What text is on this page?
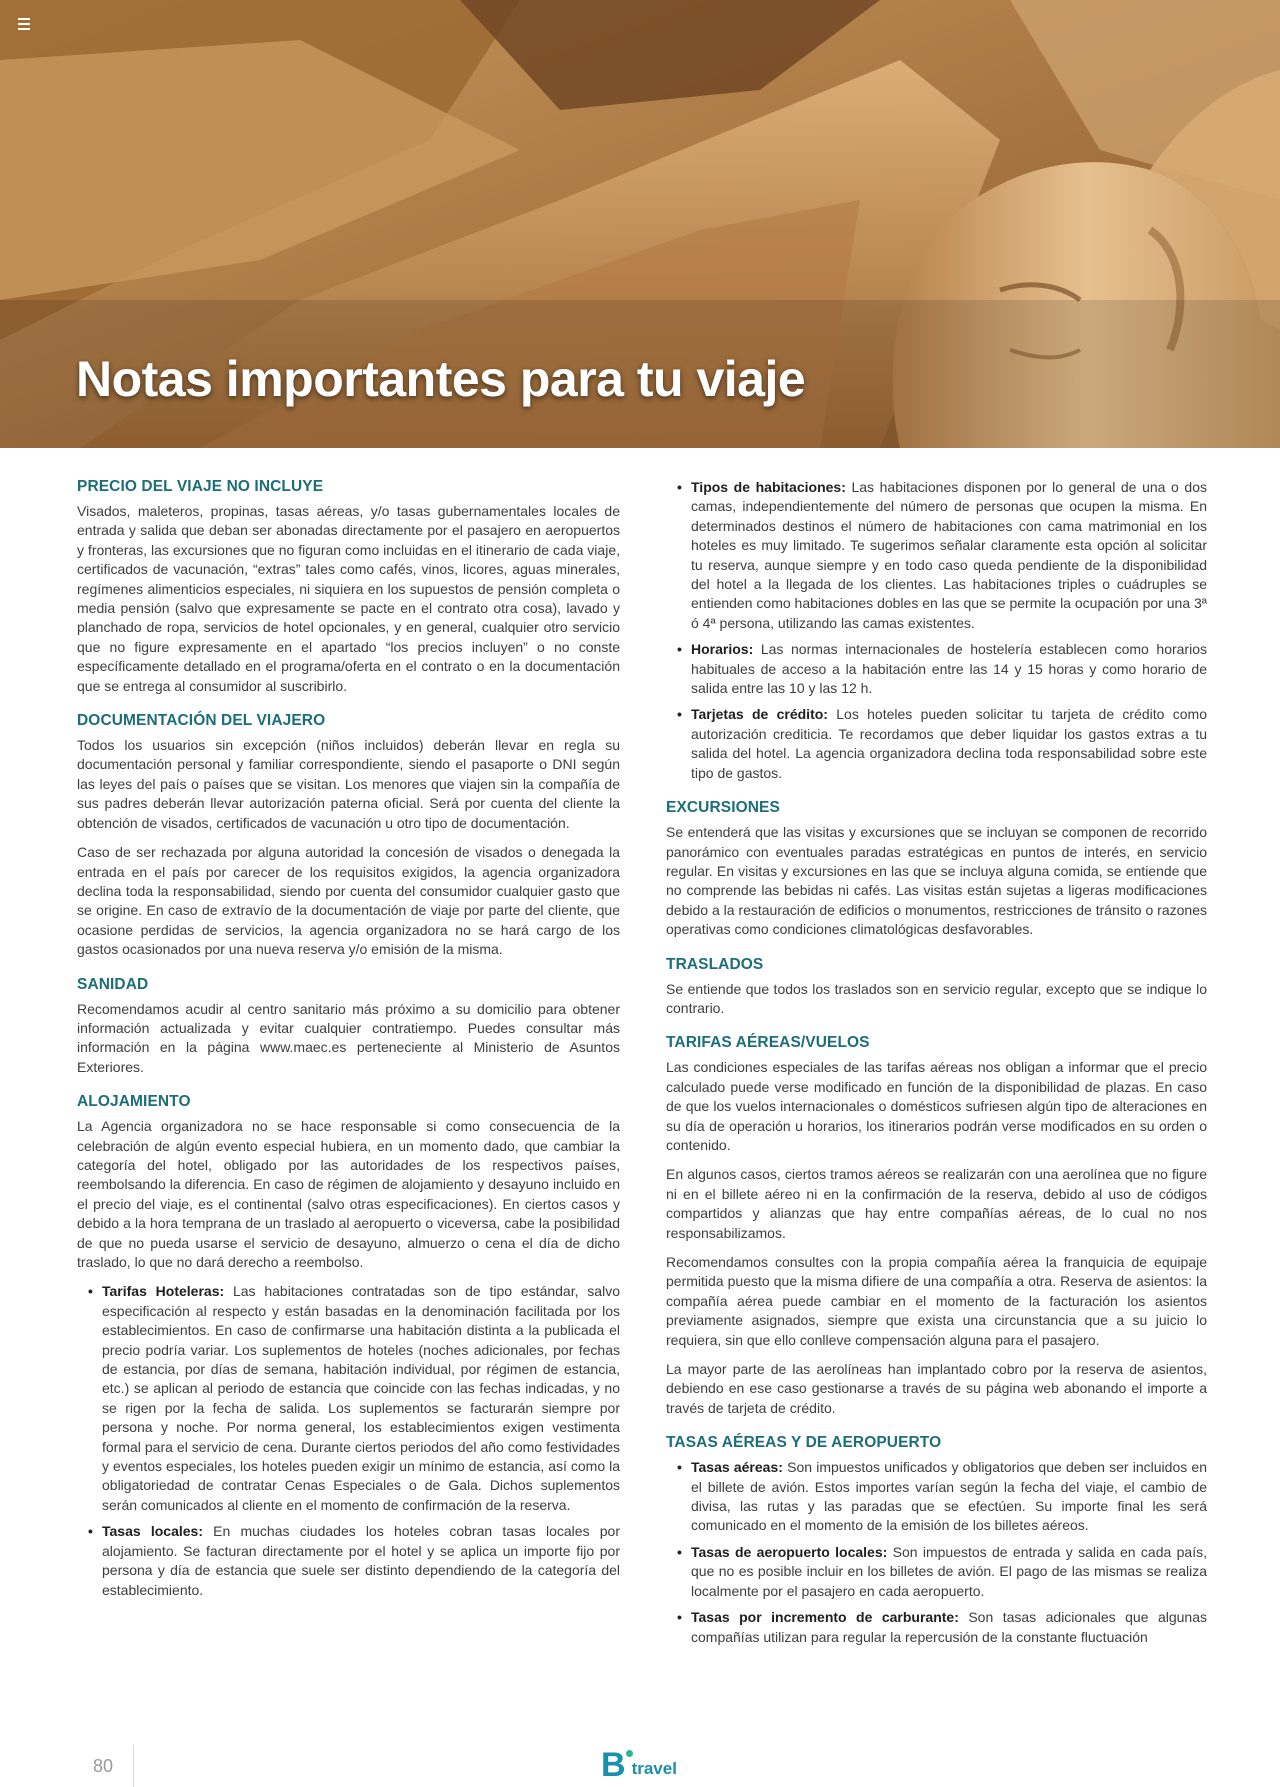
Notas importantes para tu viaje
PRECIO DEL VIAJE NO INCLUYE

Visados, maleteros, propinas, tasas aéreas, y/o tasas gubernamentales locales de entrada y salida que deban ser abonadas directamente por el pasajero en aeropuertos y fronteras, las excursiones que no figuran como incluidas en el itinerario de cada viaje, certificados de vacunación, “extras” tales como cafés, vinos, licores, aguas minerales, regímenes alimenticios especiales, ni siquiera en los supuestos de pensión completa o media pensión (salvo que expresamente se pacte en el contrato otra cosa), lavado y planchado de ropa, servicios de hotel opcionales, y en general, cualquier otro servicio que no figure expresamente en el apartado “los precios incluyen” o no conste específicamente detallado en el programa/oferta en el contrato o en la documentación que se entrega al consumidor al suscribirlo.

DOCUMENTACIÓN DEL VIAJERO

Todos los usuarios sin excepción (niños incluidos) deberán llevar en regla su documentación personal y familiar correspondiente, siendo el pasaporte o DNI según las leyes del país o países que se visitan. Los menores que viajen sin la compañía de sus padres deberán llevar autorización paterna oficial. Será por cuenta del cliente la obtención de visados, certificados de vacunación u otro tipo de documentación.

Caso de ser rechazada por alguna autoridad la concesión de visados o denegada la entrada en el país por carecer de los requisitos exigidos, la agencia organizadora declina toda la responsabilidad, siendo por cuenta del consumidor cualquier gasto que se origine. En caso de extravío de la documentación de viaje por parte del cliente, que ocasione perdidas de servicios, la agencia organizadora no se hará cargo de los gastos ocasionados por una nueva reserva y/o emisión de la misma.

SANIDAD

Recomendamos acudir al centro sanitario más próximo a su domicilio para obtener información actualizada y evitar cualquier contratiempo. Puedes consultar más información en la página www.maec.es perteneciente al Ministerio de Asuntos Exteriores.

ALOJAMIENTO

La Agencia organizadora no se hace responsable si como consecuencia de la celebración de algún evento especial hubiera, en un momento dado, que cambiar la categoría del hotel, obligado por las autoridades de los respectivos países, reembolsando la diferencia. En caso de régimen de alojamiento y desayuno incluido en el precio del viaje, es el continental (salvo otras especificaciones). En ciertos casos y debido a la hora temprana de un traslado al aeropuerto o viceversa, cabe la posibilidad de que no pueda usarse el servicio de desayuno, almuerzo o cena el día de dicho traslado, lo que no dará derecho a reembolso.

• Tarifas Hoteleras: Las habitaciones contratadas son de tipo estándar, salvo especificación al respecto y están basadas en la denominación facilitada por los establecimientos. En caso de confirmarse una habitación distinta a la publicada el precio podría variar. Los suplementos de hoteles (noches adicionales, por fechas de estancia, por días de semana, habitación individual, por régimen de estancia, etc.) se aplican al periodo de estancia que coincide con las fechas indicadas, y no se rigen por la fecha de salida. Los suplementos se facturarán siempre por persona y noche. Por norma general, los establecimientos exigen vestimenta formal para el servicio de cena. Durante ciertos periodos del año como festividades y eventos especiales, los hoteles pueden exigir un mínimo de estancia, así como la obligatoriedad de contratar Cenas Especiales o de Gala. Dichos suplementos serán comunicados al cliente en el momento de confirmación de la reserva.
• Tasas locales: En muchas ciudades los hoteles cobran tasas locales por alojamiento. Se facturan directamente por el hotel y se aplica un importe fijo por persona y día de estancia que suele ser distinto dependiendo de la categoría del establecimiento.
• Tipos de habitaciones: Las habitaciones disponen por lo general de una o dos camas, independientemente del número de personas que ocupen la misma. En determinados destinos el número de habitaciones con cama matrimonial en los hoteles es muy limitado. Te sugerimos señalar claramente esta opción al solicitar tu reserva, aunque siempre y en todo caso queda pendiente de la disponibilidad del hotel a la llegada de los clientes. Las habitaciones triples o cuádruples se entienden como habitaciones dobles en las que se permite la ocupación por una 3ª ó 4ª persona, utilizando las camas existentes.
• Horarios: Las normas internacionales de hostelería establecen como horarios habituales de acceso a la habitación entre las 14 y 15 horas y como horario de salida entre las 10 y las 12 h.
• Tarjetas de crédito: Los hoteles pueden solicitar tu tarjeta de crédito como autorización crediticia. Te recordamos que deber liquidar los gastos extras a tu salida del hotel. La agencia organizadora declina toda responsabilidad sobre este tipo de gastos.
EXCURSIONES

Se entenderá que las visitas y excursiones que se incluyan se componen de recorrido panorámico con eventuales paradas estratégicas en puntos de interés, en servicio regular. En visitas y excursiones en las que se incluya alguna comida, se entiende que no comprende las bebidas ni cafés. Las visitas están sujetas a ligeras modificaciones debido a la restauración de edificios o monumentos, restricciones de tránsito o razones operativas como condiciones climatológicas desfavorables.

TRASLADOS

Se entiende que todos los traslados son en servicio regular, excepto que se indique lo contrario.

TARIFAS AÉREAS/VUELOS

Las condiciones especiales de las tarifas aéreas nos obligan a informar que el precio calculado puede verse modificado en función de la disponibilidad de plazas. En caso de que los vuelos internacionales o domésticos sufriesen algún tipo de alteraciones en su día de operación u horarios, los itinerarios podrán verse modificados en su orden o contenido.

En algunos casos, ciertos tramos aéreos se realizarán con una aerolínea que no figure ni en el billete aéreo ni en la confirmación de la reserva, debido al uso de códigos compartidos y alianzas que hay entre compañías aéreas, de lo cual no nos responsabilizamos.

Recomendamos consultes con la propia compañía aérea la franquicia de equipaje permitida puesto que la misma difiere de una compañía a otra. Reserva de asientos: la compañía aérea puede cambiar en el momento de la facturación los asientos previamente asignados, siempre que exista una circunstancia que a su juicio lo requiera, sin que ello conlleve compensación alguna para el pasajero.

La mayor parte de las aerolíneas han implantado cobro por la reserva de asientos, debiendo en ese caso gestionarse a través de su página web abonando el importe a través de tarjeta de crédito.

TASAS AÉREAS Y DE AEROPUERTO
• Tasas aéreas: Son impuestos unificados y obligatorios que deben ser incluidos en el billete de avión. Estos importes varían según la fecha del viaje, el cambio de divisa, las rutas y las paradas que se efectúen. Su importe final les será comunicado en el momento de la emisión de los billetes aéreos.
• Tasas de aeropuerto locales: Son impuestos de entrada y salida en cada país, que no es posible incluir en los billetes de avión. El pago de las mismas se realiza localmente por el pasajero en cada aeropuerto.
• Tasas por incremento de carburante: Son tasas adicionales que algunas compañías utilizan para regular la repercusión de la constante fluctuación
80	B travel
